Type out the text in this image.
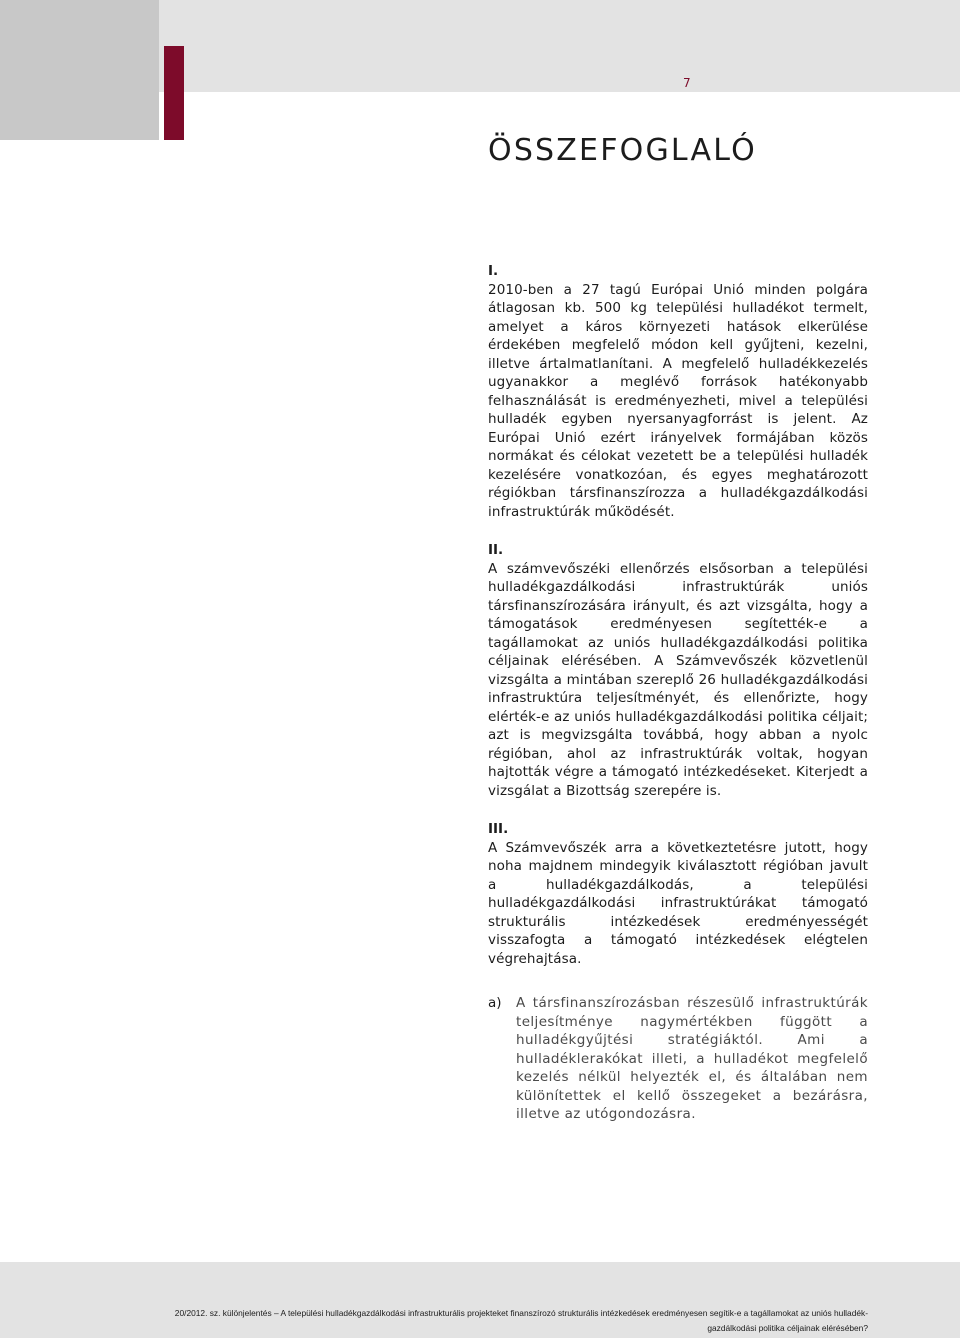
7
ÖSSZEFOGLALÓ
I.

2010-ben a 27 tagú Európai Unió minden polgára átlagosan kb. 500 kg települési hulladékot termelt, amelyet a káros környezeti hatások elkerülése érdekében megfelelő módon kell gyűjteni, kezelni, illetve ártalmatlanítani. A megfelelő hulladékkezelés ugyanakkor a meglévő források hatékonyabb felhasználását is eredményezheti, mivel a települési hulladék egyben nyersanyagforrást is jelent. Az Európai Unió ezért irányelvek formájában közös normákat és célokat vezetett be a települési hulladék kezelésére vonatkozóan, és egyes meghatározott régiókban társfinanszírozza a hulladékgazdálkodási infrastruktúrák működését.

II.

A számvevőszéki ellenőrzés elsősorban a települési hulladékgazdálkodási infrastruktúrák uniós társfinanszírozására irányult, és azt vizsgálta, hogy a támogatások eredményesen segítették-e a tagállamokat az uniós hulladékgazdálkodási politika céljainak elérésében. A Számvevőszék közvetlenül vizsgálta a mintában szereplő 26 hulladékgazdálkodási infrastruktúra teljesítményét, és ellenőrizte, hogy elérték-e az uniós hulladékgazdálkodási politika céljait; azt is megvizsgálta továbbá, hogy abban a nyolc régióban, ahol az infrastruktúrák voltak, hogyan hajtották végre a támogató intézkedéseket. Kiterjedt a vizsgálat a Bizottság szerepére is.

III.

A Számvevőszék arra a következtetésre jutott, hogy noha majdnem mindegyik kiválasztott régióban javult a hulladékgazdálkodás, a települési hulladékgazdálkodási infrastruktúrákat támogató strukturális intézkedések eredményességét visszafogta a támogató intézkedések elégtelen végrehajtása.

a)	A társfinanszírozásban részesülő infrastruktúrák teljesítménye nagymértékben függött a hulladékgyűjtési stratégiáktól. Ami a hulladéklerakókat illeti, a hulladékot megfelelő kezelés nélkül helyezték el, és általában nem különítettek el kellő összegeket a bezárásra, illetve az utógondozásra.
20/2012. sz. különjelentés – A települési hulladékgazdálkodási infrastrukturális projekteket finanszírozó strukturális intézkedések eredményesen segítik-e a tagállamokat az uniós hulladék-
gazdálkodási politika céljainak elérésében?
